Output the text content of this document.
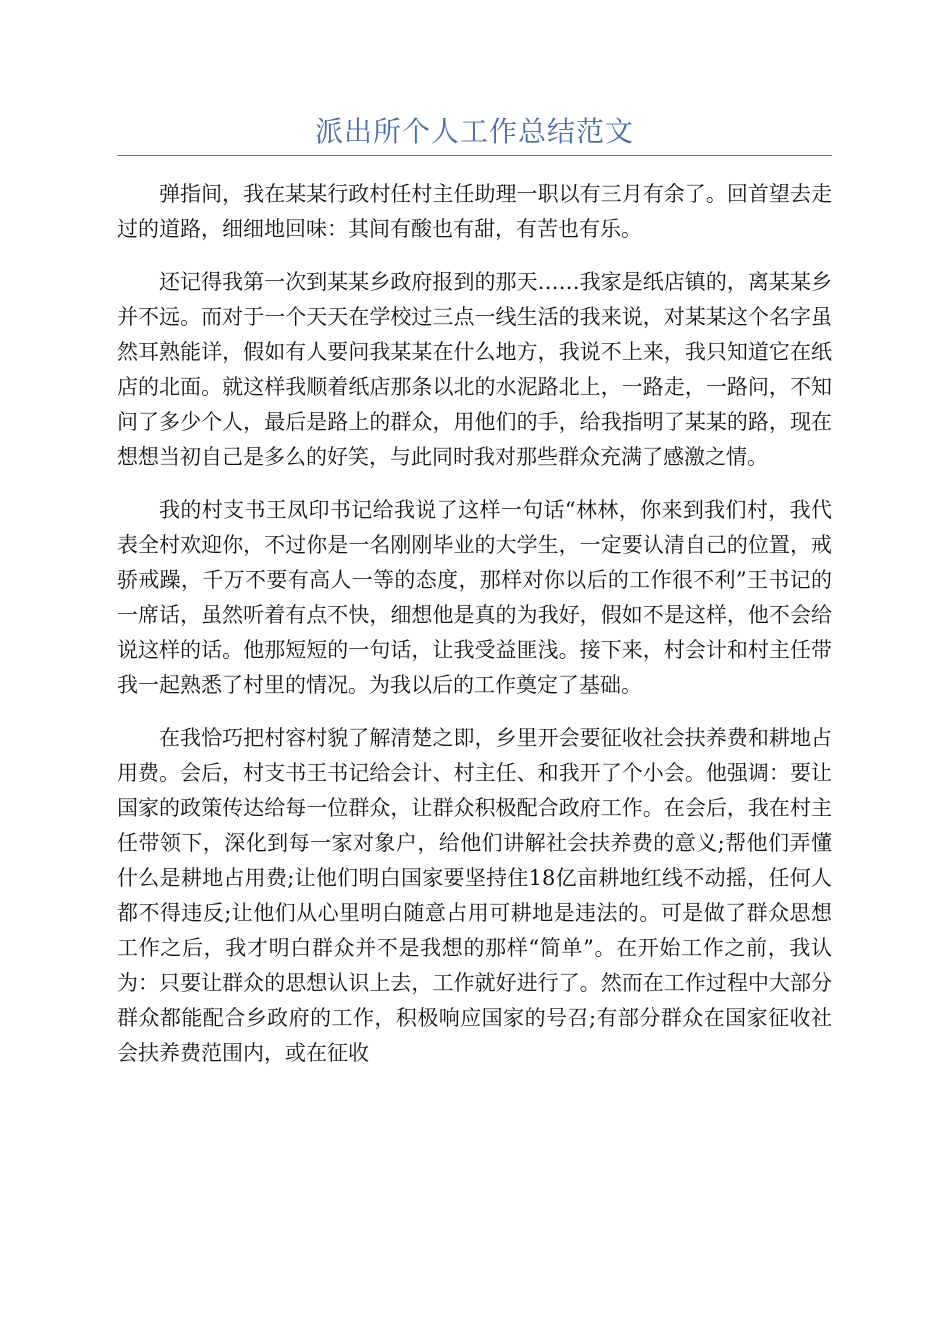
派出所个人工作总结范文

弹指间，我在某某行政村任村主任助理一职以有三月有余了。回首望去走过的道路，细细地回味：其间有酸也有甜，有苦也有乐。

还记得我第一次到某某乡政府报到的那天……我家是纸店镇的，离某某乡并不远。而对于一个天天在学校过三点一线生活的我来说，对某某这个名字虽然耳熟能详，假如有人要问我某某在什么地方，我说不上来，我只知道它在纸店的北面。就这样我顺着纸店那条以北的水泥路北上，一路走，一路问，不知问了多少个人，最后是路上的群众，用他们的手，给我指明了某某的路，现在想想当初自己是多么的好笑，与此同时我对那些群众充满了感激之情。

我的村支书王凤印书记给我说了这样一句话“林林，你来到我们村，我代表全村欢迎你，不过你是一名刚刚毕业的大学生，一定要认清自己的位置，戒骄戒躁，千万不要有高人一等的态度，那样对你以后的工作很不利”王书记的一席话，虽然听着有点不快，细想他是真的为我好，假如不是这样，他不会给说这样的话。他那短短的一句话，让我受益匪浅。接下来，村会计和村主任带我一起熟悉了村里的情况。为我以后的工作奠定了基础。

在我恰巧把村容村貌了解清楚之即，乡里开会要征收社会扶养费和耕地占用费。会后，村支书王书记给会计、村主任、和我开了个小会。他强调：要让国家的政策传达给每一位群众，让群众积极配合政府工作。在会后，我在村主任带领下，深化到每一家对象户，给他们讲解社会扶养费的意义;帮他们弄懂什么是耕地占用费;让他们明白国家要坚持住18亿亩耕地红线不动摇，任何人都不得违反;让他们从心里明白随意占用可耕地是违法的。可是做了群众思想工作之后，我才明白群众并不是我想的那样“简单”。在开始工作之前，我认为：只要让群众的思想认识上去，工作就好进行了。然而在工作过程中大部分群众都能配合乡政府的工作，积极响应国家的号召;有部分群众在国家征收社会扶养费范围内，或在征收
